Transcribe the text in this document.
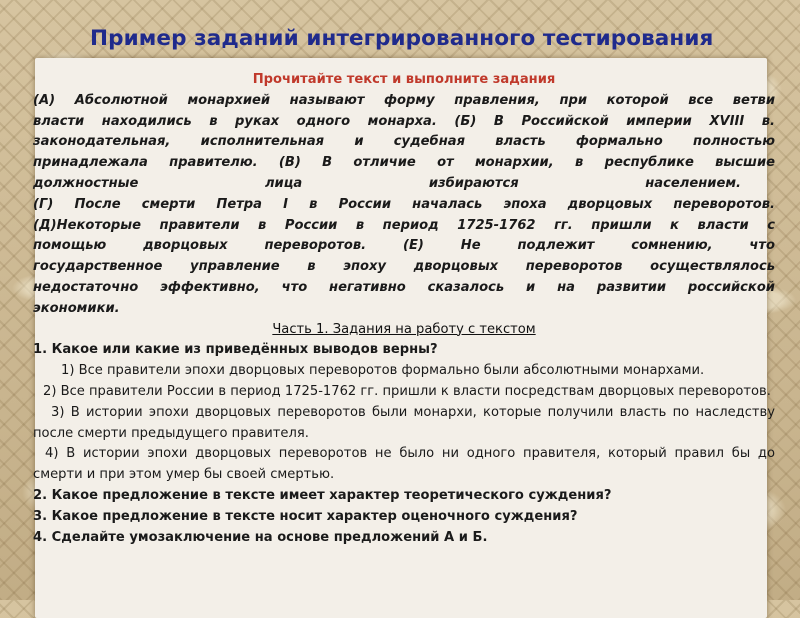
Пример заданий интегрированного тестирования

Прочитайте текст и выполните задания

(А) Абсолютной монархией называют форму правления, при которой все ветви

власти находились в руках одного монарха. (Б) В Российской империи XVIII в.

законодательная, исполнительная и судебная власть формально полностью

принадлежала правителю. (В) В отличие от монархии, в республике высшие

должностные лица избираются населением.

(Г) После смерти Петра I в России началась эпоха дворцовых переворотов.

(Д)Некоторые правители в России в период 1725-1762 гг. пришли к власти с

помощью дворцовых переворотов. (Е) Не подлежит сомнению, что

государственное управление в эпоху дворцовых переворотов осуществлялось

недостаточно эффективно, что негативно сказалось и на развитии российской

экономики.

Часть 1. Задания на работу с текстом

1. Какое или какие из приведённых выводов верны?

1) Все правители эпохи дворцовых переворотов формально были абсолютными монархами.

2) Все правители России в период 1725-1762 гг. пришли к власти посредствам дворцовых переворотов.

3) В истории эпохи дворцовых переворотов были монархи, которые получили власть по наследству после смерти предыдущего правителя.

4) В истории эпохи дворцовых переворотов не было ни одного правителя, который правил бы до смерти и при этом умер бы своей смертью.

2. Какое предложение в тексте имеет характер теоретического суждения?

3. Какое предложение в тексте носит характер оценочного суждения?

4. Сделайте умозаключение на основе предложений А и Б.
